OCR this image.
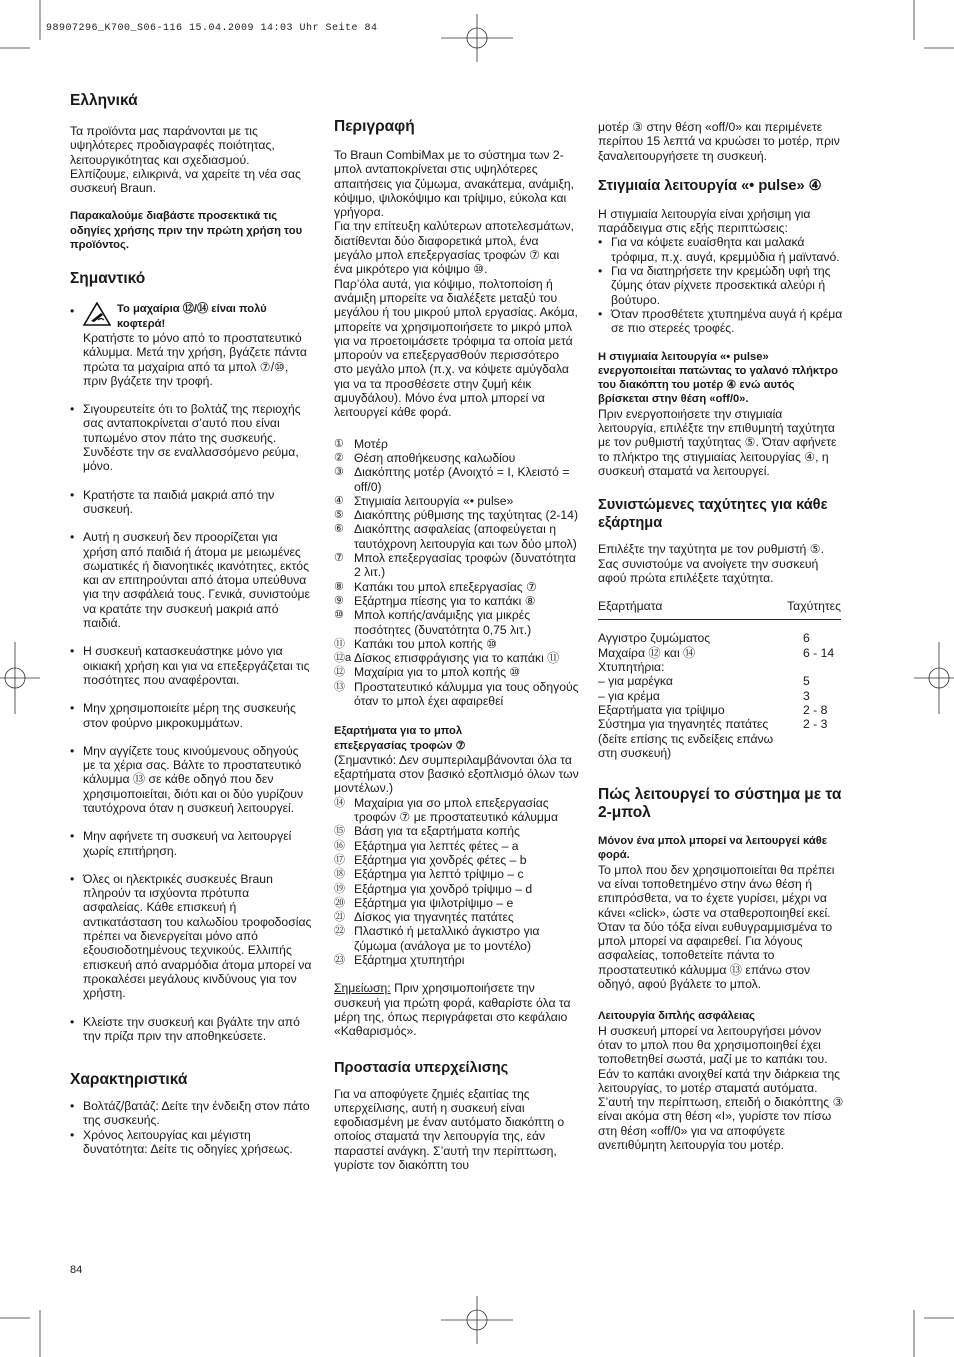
98907296_K700_S06-116 15.04.2009 14:03 Uhr Seite 84
Ελληνικά

Τα προϊόντα μας παράνονται με τις υψηλότερες προδιαγραφές ποιότητας, λειτουργικότητας και σχεδιασμού. Ελπίζουμε, ειλικρινά, να χαρείτε τη νέα σας συσκευή Braun.

Παρακαλούμε διαβάστε προσεκτικά τις οδηγίες χρήσης πριν την πρώτη χρήση του προϊόντος.

Σημαντικό
•	Το μαχαίρια ⑫/⑭ είναι πολύ κοφτερά!
Κρατήστε το μόνο από το προστατευτικό κάλυμμα. Μετά την χρήση, βγάζετε πάντα πρώτα τα μαχαίρια από τα μπολ ⑦/⑩, πριν βγάζετε την τροφή.
• Σιγουρευτείτε ότι το βολτάζ της περιοχής σας ανταποκρίνεται σ’αυτό που είναι τυπωμένο στον πάτο της συσκευής. Συνδέστε την σε εναλλασσόμενο ρεύμα, μόνο.
• Κρατήστε τα παιδιά μακριά από την συσκευή.
• Αυτή η συσκευή δεν προορίζεται για χρήση από παιδιά ή άτομα με μειωμένες σωματικές ή διανοητικές ικανότητες, εκτός και αν επιτηρούνται από άτομα υπεύθυνα για την ασφάλειά τους. Γενικά, συνιστούμε να κρατάτε την συσκευή μακριά από παιδιά.
• Η συσκευή κατασκευάστηκε μόνο για οικιακή χρήση και για να επεξεργάζεται τις ποσότητες που αναφέρονται.
• Μην χρησιμοποιείτε μέρη της συσκευής στον φούρνο μικροκυμμάτων.
• Μην αγγίζετε τους κινούμενους οδηγούς με τα χέρια σας. Βάλτε το προστατευτικό κάλυμμα ⑬ σε κάθε οδηγό που δεν χρησιμοποιείται, διότι και οι δύο γυρίζουν ταυτόχρονα όταν η συσκευή λειτουργεί.
• Μην αφήνετε τη συσκευή να λειτουργεί χωρίς επιτήρηση.
• Όλες οι ηλεκτρικές συσκευές Braun πληρούν τα ισχύοντα πρότυπα ασφαλείας. Κάθε επισκευή ή αντικατάσταση του καλωδίου τροφοδοσίας πρέπει να διενεργείται μόνο από εξουσιοδοτημένους τεχνικούς. Ελλιπής επισκευή από αναρμόδια άτομα μπορεί να προκαλέσει μεγάλους κινδύνους για τον χρήστη.
• Κλείστε την συσκευή και βγάλτε την από την πρίζα πριν την αποθηκεύσετε.
Χαρακτηριστικά
• Βολτάζ/βατάζ: Δείτε την ένδειξη στον πάτο της συσκευής.
• Χρόνος λειτουργίας και μέγιστη δυνατότητα: Δείτε τις οδηγίες χρήσεως.
Περιγραφή
Το Braun CombiMax με το σύστημα των 2-μπολ ανταποκρίνεται στις υψηλότερες απαιτήσεις για ζύμωμα, ανακάτεμα, ανάμιξη, κόψιμο, ψιλοκόψιμο και τρίψιμο, εύκολα και γρήγορα.
Για την επίτευξη καλύτερων αποτελεσμάτων, διατίθενται δύο διαφορετικά μπολ, ένα μεγάλο μπολ επεξεργασίας τροφών ⑦ και ένα μικρότερο για κόψιμο ⑩.

Παρ’όλα αυτά, για κόψιμο, πολτοποίση ή ανάμιξη μπορείτε να διαλέξετε μεταξύ του μεγάλου ή του μικρού μπολ εργασίας. Ακόμα, μπορείτε να χρησιμοποιήσετε το μικρό μπολ για να προετοιμάσετε τρόφιμα τα οποία μετά μπορούν να επεξεργασθούν περισσότερο στο μεγάλο μπολ (π.χ. να κόψετε αμύγδαλα για να τα προσθέσετε στην ζυμή κέικ αμυγδάλου). Μόνο ένα μπολ μπορεί να λειτουργεί κάθε φορά.

① Μοτέρ
② Θέση αποθήκευσης καλωδίου
③ Διακόπτης μοτέρ (Ανοιχτό = I, Κλειστό = off/0)
④ Στιγμιαία λειτουργία «• pulse»
⑤ Διακόπτης ρύθμισης της ταχύτητας (2-14)
⑥ Διακόπτης ασφαλείας (αποφεύγεται η ταυτόχρονη λειτουργία και των δύο μπολ)
⑦ Μπολ επεξεργασίας τροφών (δυνατότητα 2 λιτ.)
⑧ Καπάκι του μπολ επεξεργασίας ⑦
⑨ Εξάρτημα πίεσης για το καπάκι ⑧
⑩ Μπολ κοπής/ανάμιξης για μικρές ποσότητες (δυνατότητα 0,75 λιτ.)
⑪ Καπάκι του μπολ κοπής ⑩
⑫a Δίσκος επισφράγισης για το καπάκι ⑪
⑫ Μαχαίρια για το μπολ κοπής ⑩
⑬ Προστατευτικό κάλυμμα για τους οδηγούς όταν το μπολ έχει αφαιρεθεί
Εξαρτήματα για το μπολ επεξεργασίας τροφών ⑦
(Σημαντικό: Δεν συμπεριλαμβάνονται όλα τα εξαρτήματα στον βασικό εξοπλισμό όλων των μοντέλων.)
⑭ Μαχαίρια για σο μπολ επεξεργασίας τροφών ⑦ με προστατευτικό κάλυμμα
⑮ Βάση για τα εξαρτήματα κοπής
⑯ Εξάρτημα για λεπτές φέτες – a
⑰ Εξάρτημα για χονδρές φέτες – b
⑱ Εξάρτημα για λεπτό τρίψιμο – c
⑲ Εξάρτημα για χονδρό τρίψιμο – d
⑳ Εξάρτημα για ψιλοτρίψιμο – e
㉑ Δίσκος για τηγανητές πατάτες
㉒ Πλαστικό ή μεταλλικό άγκιστρο για ζύμωμα (ανάλογα με το μοντέλο)
㉓ Εξάρτημα χτυπητήρι

Σημείωση: Πριν χρησιμοποιήσετε την συσκευή για πρώτη φορά, καθαρίστε όλα τα μέρη της, όπως περιγράφεται στο κεφάλαιο «Καθαρισμός».

Προστασία υπερχείλισης
Για να αποφύγετε ζημιές εξαιτίας της υπερχείλισης, αυτή η συσκευή είναι εφοδιασμένη με έναν αυτόματο διακόπτη ο οποίος σταματά την λειτουργία της, εάν παραστεί ανάγκη. Σ’αυτή την περίπτωση, γυρίστε τον διακόπτη του

μοτέρ ③ στην θέση «off/0» και περιμένετε περίπου 15 λεπτά να κρυώσει το μοτέρ, πριν ξαναλειτουργήσετε τη συσκευή.

Στιγμιαία λειτουργία «• pulse» ④
Η στιγμιαία λειτουργία είναι χρήσιμη για παράδειγμα στις εξής περιπτώσεις:
• Για να κόψετε ευαίσθητα και μαλακά τρόφιμα, π.χ. αυγά, κρεμμύδια ή μαϊντανό.
• Για να διατηρήσετε την κρεμώδη υφή της ζύμης όταν ρίχνετε προσεκτικά αλεύρι ή βούτυρο.
• Όταν προσθέτετε χτυπημένα αυγά ή κρέμα σε πιο στερεές τροφές.
Η στιγμιαία λειτουργία «• pulse» ενεργοποιείται πατώντας το γαλανό πλήκτρο του διακόπτη του μοτέρ ④ ενώ αυτός βρίσκεται στην θέση «off/0».

Πριν ενεργοποιήσετε την στιγμιαία λειτουργία, επιλέξτε την επιθυμητή ταχύτητα με τον ρυθμιστή ταχύτητας ⑤. Όταν αφήνετε το πλήκτρο της στιγμιαίας λειτουργίας ④, η συσκευή σταματά να λειτουργεί.

Συνιστώμενες ταχύτητες για κάθε εξάρτημα

Επιλέξτε την ταχύτητα με τον ρυθμιστή ⑤. Σας συνιστούμε να ανοίγετε την συσκευή αφού πρώτα επιλέξετε ταχύτητα.

Εξαρτήματα	Ταχύτητες
Αγγιστρο ζυμώματος	6
Μαχαίρα ⑫ και ⑭	6 - 14
Χτυπητήρια:	
– για μαρέγκα	5
– για κρέμα	3
Εξαρτήματα για τρίψιμο	2 - 8
Σύστημα για τηγανητές πατάτες (δείτε επίσης τις ενδείξεις επάνω στη συσκευή)	2 - 3
Πώς λειτουργεί το σύστημα με τα 2-μπολ
Μόνον ένα μπολ μπορεί να λειτουργεί κάθε φορά.
Το μπολ που δεν χρησιμοποιείται θα πρέπει να είναι τοποθετημένο στην άνω θέση ή επιπρόσθετα, να το έχετε γυρίσει, μέχρι να κάνει «click», ώστε να σταθεροποιηθεί εκεί.

Όταν τα δύο τόξα είναι ευθυγραμμισμένα το μπολ μπορεί να αφαιρεθεί. Για λόγους ασφαλείας, τοποθετείτε πάντα το προστατευτικό κάλυμμα ⑬ επάνω στον οδηγό, αφού βγάλετε το μπολ.

Λειτουργία διπλής ασφάλειας
Η συσκευή μπορεί να λειτουργήσει μόνον όταν το μπολ που θα χρησιμοποιηθεί έχει τοποθετηθεί σωστά, μαζί με το καπάκι του. Εάν το καπάκι ανοιχθεί κατά την διάρκεια της λειτουργίας, το μοτέρ σταματά αυτόματα. Σ’αυτή την περίπτωση, επειδή ο διακόπτης ③ είναι ακόμα στη θέση «I», γυρίστε τον πίσω στη θέση «off/0» για να αποφύγετε ανεπιθύμητη λειτουργία του μοτέρ.
84
